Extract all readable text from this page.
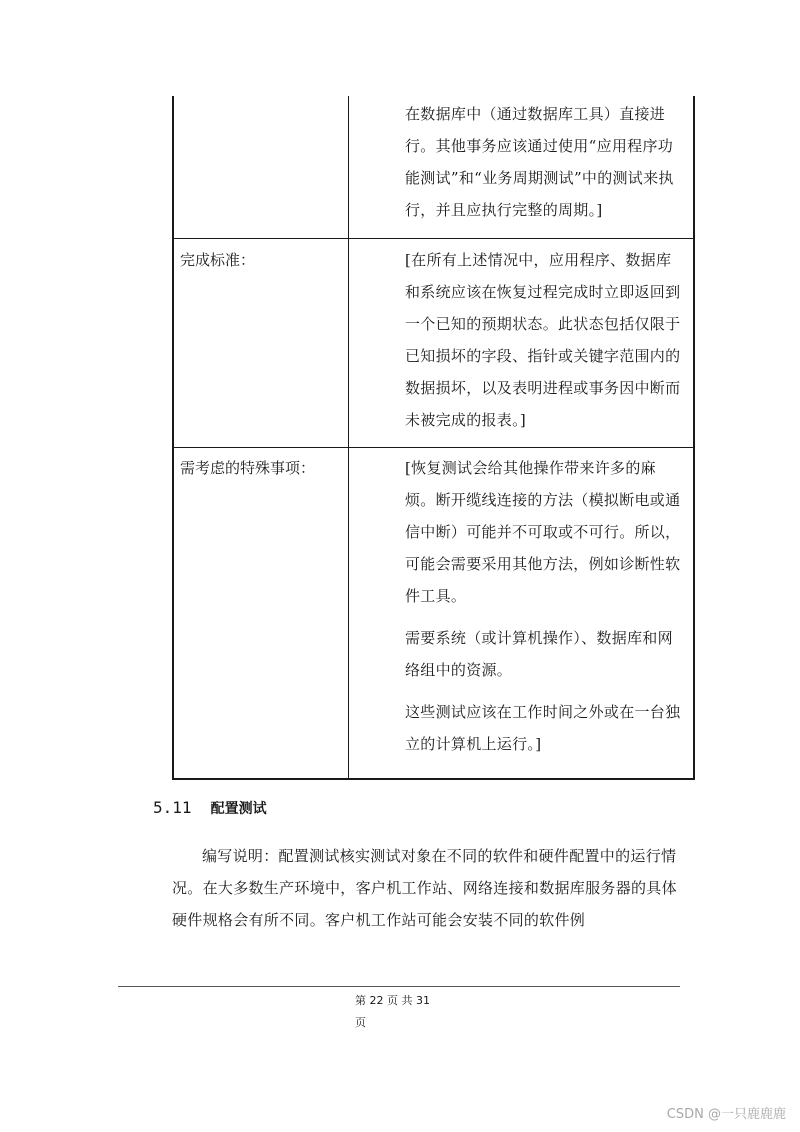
在数据库中（通过数据库工具）直接进行。其他事务应该通过使用“应用程序功能测试”和“业务周期测试”中的测试来执行，并且应执行完整的周期。]

完成标准：	[在所有上述情况中，应用程序、数据库和系统应该在恢复过程完成时立即返回到一个已知的预期状态。此状态包括仅限于已知损坏的字段、指针或关键字范围内的数据损坏，以及表明进程或事务因中断而未被完成的报表。]

需考虑的特殊事项：	[恢复测试会给其他操作带来许多的麻烦。断开缆线连接的方法（模拟断电或通信中断）可能并不可取或不可行。所以，可能会需要采用其他方法，例如诊断性软件工具。

需要系统（或计算机操作）、数据库和网络组中的资源。

这些测试应该在工作时间之外或在一台独立的计算机上运行。]

5.11 配置测试

编写说明：配置测试核实测试对象在不同的软件和硬件配置中的运行情况。在大多数生产环境中，客户机工作站、网络连接和数据库服务器的具体硬件规格会有所不同。客户机工作站可能会安装不同的软件例

第 22 页 共 31
页
CSDN @一只鹿鹿鹿
